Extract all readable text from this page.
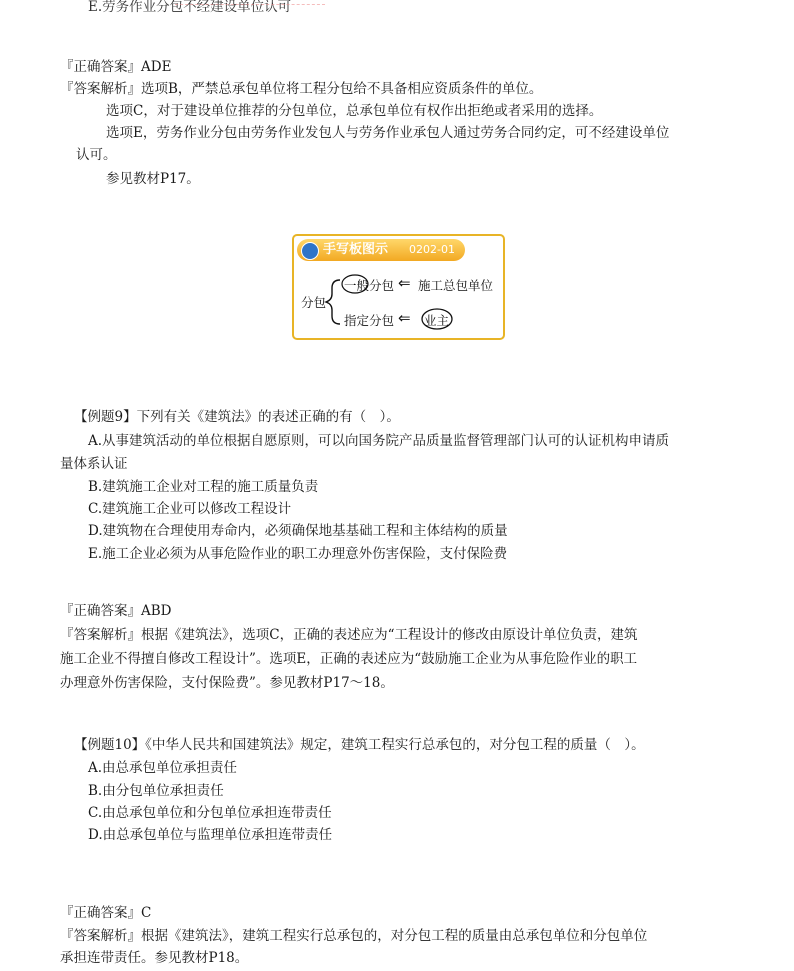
E.劳务作业分包不经建设单位认可
『正确答案』ADE
『答案解析』选项B，严禁总承包单位将工程分包给不具备相应资质条件的单位。
选项C，对于建设单位推荐的分包单位，总承包单位有权作出拒绝或者采用的选择。
选项E，劳务作业分包由劳务作业发包人与劳务作业承包人通过劳务合同约定，可不经建设单位
认可。
参见教材P17。
手写板图示 0202-01
分包
一般分包 ⇐ 施工总包单位
指定分包 ⇐ 业主
【例题9】下列有关《建筑法》的表述正确的有（　）。
A.从事建筑活动的单位根据自愿原则，可以向国务院产品质量监督管理部门认可的认证机构申请质
量体系认证
B.建筑施工企业对工程的施工质量负责
C.建筑施工企业可以修改工程设计
D.建筑物在合理使用寿命内，必须确保地基基础工程和主体结构的质量
E.施工企业必须为从事危险作业的职工办理意外伤害保险，支付保险费
『正确答案』ABD
『答案解析』根据《建筑法》，选项C，正确的表述应为“工程设计的修改由原设计单位负责，建筑
施工企业不得擅自修改工程设计”。选项E，正确的表述应为“鼓励施工企业为从事危险作业的职工
办理意外伤害保险，支付保险费”。参见教材P17～18。
【例题10】《中华人民共和国建筑法》规定，建筑工程实行总承包的，对分包工程的质量（　）。
A.由总承包单位承担责任
B.由分包单位承担责任
C.由总承包单位和分包单位承担连带责任
D.由总承包单位与监理单位承担连带责任
『正确答案』C
『答案解析』根据《建筑法》，建筑工程实行总承包的，对分包工程的质量由总承包单位和分包单位
承担连带责任。参见教材P18。
